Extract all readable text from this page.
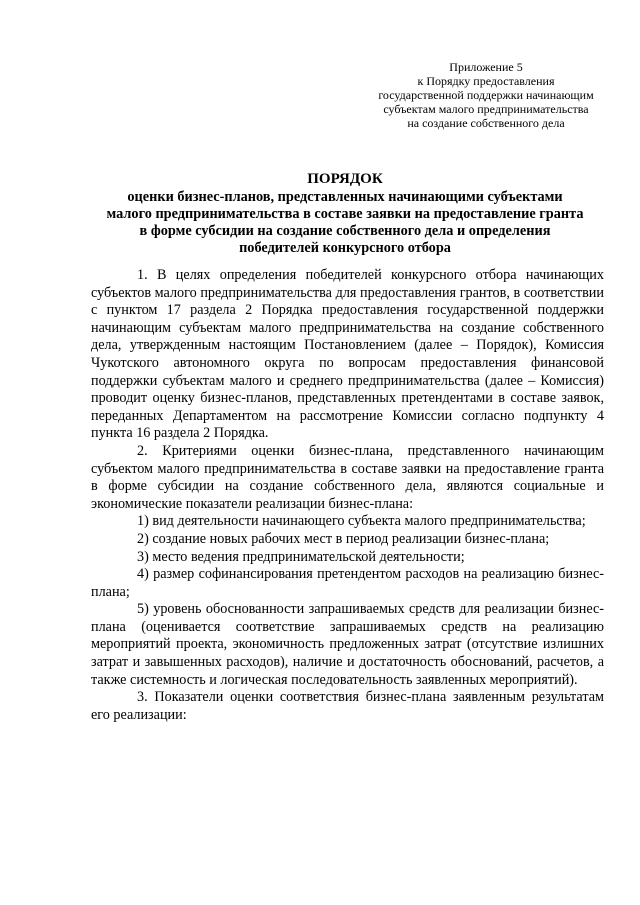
Приложение 5
к Порядку предоставления
государственной поддержки начинающим
субъектам малого предпринимательства
на создание собственного дела
ПОРЯДОК
оценки бизнес-планов, представленных начинающими субъектами
малого предпринимательства в составе заявки на предоставление гранта
в форме субсидии на создание собственного дела и определения
победителей конкурсного отбора

1. В целях определения победителей конкурсного отбора начинающих субъектов малого предпринимательства для предоставления грантов, в соответствии с пунктом 17 раздела 2 Порядка предоставления государственной поддержки начинающим субъектам малого предпринимательства на создание собственного дела, утвержденным настоящим Постановлением (далее – Порядок), Комиссия Чукотского автономного округа по вопросам предоставления финансовой поддержки субъектам малого и среднего предпринимательства (далее – Комиссия) проводит оценку бизнес-планов, представленных претендентами в составе заявок, переданных Департаментом на рассмотрение Комиссии согласно подпункту 4 пункта 16 раздела 2 Порядка.

2. Критериями оценки бизнес-плана, представленного начинающим субъектом малого предпринимательства в составе заявки на предоставление гранта в форме субсидии на создание собственного дела, являются социальные и экономические показатели реализации бизнес-плана:

1) вид деятельности начинающего субъекта малого предпринимательства;

2) создание новых рабочих мест в период реализации бизнес-плана;

3) место ведения предпринимательской деятельности;

4) размер софинансирования претендентом расходов на реализацию бизнес-плана;

5) уровень обоснованности запрашиваемых средств для реализации бизнес-плана (оценивается соответствие запрашиваемых средств на реализацию мероприятий проекта, экономичность предложенных затрат (отсутствие излишних затрат и завышенных расходов), наличие и достаточность обоснований, расчетов, а также системность и логическая последовательность заявленных мероприятий).

3. Показатели оценки соответствия бизнес-плана заявленным результатам его реализации:
